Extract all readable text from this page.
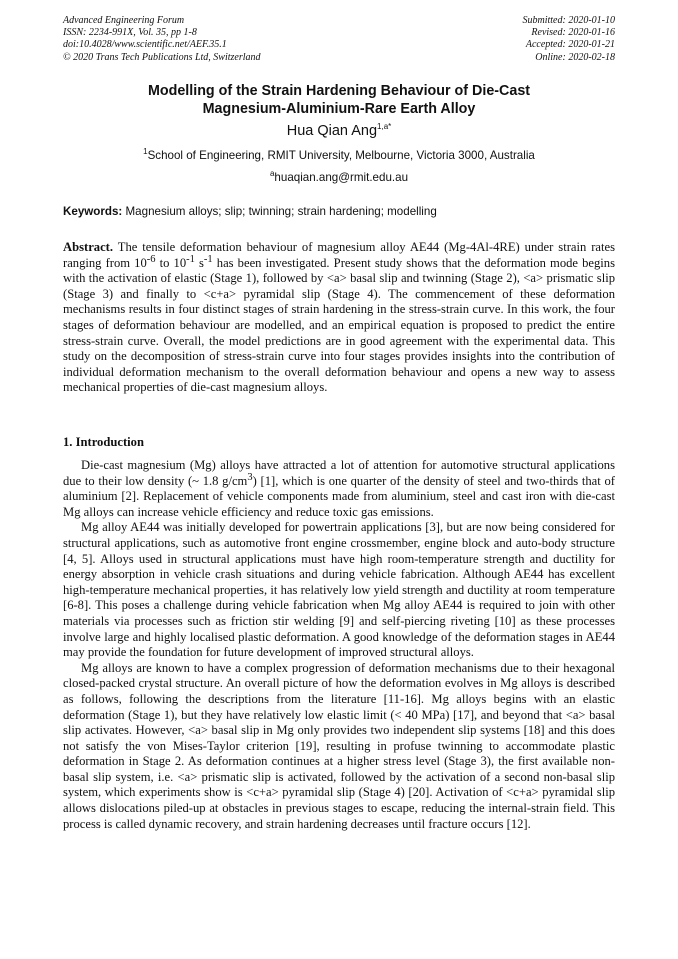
Advanced Engineering Forum
ISSN: 2234-991X, Vol. 35, pp 1-8
doi:10.4028/www.scientific.net/AEF.35.1
© 2020 Trans Tech Publications Ltd, Switzerland
Submitted: 2020-01-10
Revised: 2020-01-16
Accepted: 2020-01-21
Online: 2020-02-18
Modelling of the Strain Hardening Behaviour of Die-Cast
Magnesium-Aluminium-Rare Earth Alloy
Hua Qian Ang$^{1,a*}$
$^1$School of Engineering, RMIT University, Melbourne, Victoria 3000, Australia
$^a$huaqian.ang@rmit.edu.au
Keywords: Magnesium alloys; slip; twinning; strain hardening; modelling

Abstract. The tensile deformation behaviour of magnesium alloy AE44 (Mg-4Al-4RE) under strain rates ranging from $10^{-6}$ to $10^{-1}$ $s^{-1}$ has been investigated. Present study shows that the deformation mode begins with the activation of elastic (Stage 1), followed by <a> basal slip and twinning (Stage 2), <a> prismatic slip (Stage 3) and finally to <c+a> pyramidal slip (Stage 4). The commencement of these deformation mechanisms results in four distinct stages of strain hardening in the stress-strain curve. In this work, the four stages of deformation behaviour are modelled, and an empirical equation is proposed to predict the entire stress-strain curve. Overall, the model predictions are in good agreement with the experimental data. This study on the decomposition of stress-strain curve into four stages provides insights into the contribution of individual deformation mechanism to the overall deformation behaviour and opens a new way to assess mechanical properties of die-cast magnesium alloys.

1. Introduction

Die-cast magnesium (Mg) alloys have attracted a lot of attention for automotive structural applications due to their low density (~ 1.8 $g/cm^3$) [1], which is one quarter of the density of steel and two-thirds that of aluminium [2]. Replacement of vehicle components made from aluminium, steel and cast iron with die-cast Mg alloys can increase vehicle efficiency and reduce toxic gas emissions.

Mg alloy AE44 was initially developed for powertrain applications [3], but are now being considered for structural applications, such as automotive front engine crossmember, engine block and auto-body structure [4, 5]. Alloys used in structural applications must have high room-temperature strength and ductility for energy absorption in vehicle crash situations and during vehicle fabrication. Although AE44 has excellent high-temperature mechanical properties, it has relatively low yield strength and ductility at room temperature [6-8]. This poses a challenge during vehicle fabrication when Mg alloy AE44 is required to join with other materials via processes such as friction stir welding [9] and self-piercing riveting [10] as these processes involve large and highly localised plastic deformation. A good knowledge of the deformation stages in AE44 may provide the foundation for future development of improved structural alloys.

Mg alloys are known to have a complex progression of deformation mechanisms due to their hexagonal closed-packed crystal structure. An overall picture of how the deformation evolves in Mg alloys is described as follows, following the descriptions from the literature [11-16]. Mg alloys begins with an elastic deformation (Stage 1), but they have relatively low elastic limit (< 40 MPa) [17], and beyond that <a> basal slip activates. However, <a> basal slip in Mg only provides two independent slip systems [18] and this does not satisfy the von Mises-Taylor criterion [19], resulting in profuse twinning to accommodate plastic deformation in Stage 2. As deformation continues at a higher stress level (Stage 3), the first available non-basal slip system, i.e. <a> prismatic slip is activated, followed by the activation of a second non-basal slip system, which experiments show is <c+a> pyramidal slip (Stage 4) [20]. Activation of <c+a> pyramidal slip allows dislocations piled-up at obstacles in previous stages to escape, reducing the internal-strain field. This process is called dynamic recovery, and strain hardening decreases until fracture occurs [12].
